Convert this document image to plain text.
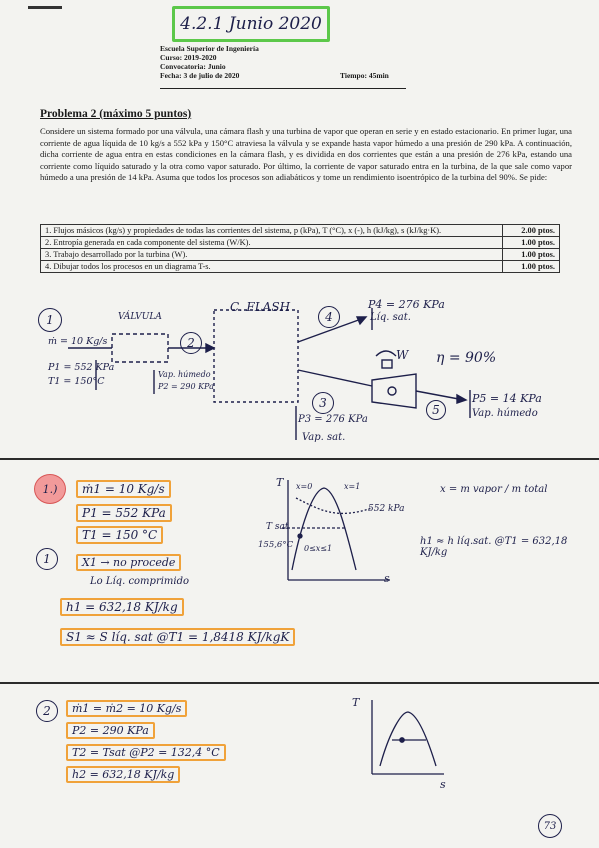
4.2.1 Junio 2020
Escuela Superior de Ingeniería
Curso: 2019-2020
Convocatoria: Junio
Fecha: 3 de julio de 2020	Tiempo: 45min
Problema 2 (máximo 5 puntos)
Considere un sistema formado por una válvula, una cámara flash y una turbina de vapor que operan en serie y en estado estacionario. En primer lugar, una corriente de agua líquida de 10 kg/s a 552 kPa y 150°C atraviesa la válvula y se expande hasta vapor húmedo a una presión de 290 kPa. A continuación, dicha corriente de agua entra en estas condiciones en la cámara flash, y es dividida en dos corrientes que están a una presión de 276 kPa, estando una corriente como líquido saturado y la otra como vapor saturado. Por último, la corriente de vapor saturado entra en la turbina, de la que sale como vapor húmedo a una presión de 14 kPa. Asuma que todos los procesos son adiabáticos y tome un rendimiento isoentrópico de la turbina del 90%. Se pide:
1. Flujos másicos (kg/s) y propiedades de todas las corrientes del sistema, p (kPa), T (°C), x (-), h (kJ/kg), s (kJ/kg·K).	2.00 ptos.
2. Entropía generada en cada componente del sistema (W/K).	1.00 ptos.
3. Trabajo desarrollado por la turbina (W).	1.00 ptos.
4. Dibujar todos los procesos en un diagrama T-s.	1.00 ptos.
1
2
4
3	5
VÁLVULA
C. FLASH
ṁ = 10 Kg/s
P1 = 552 KPa
T1 = 150°C
Vap. húmedo
P2 = 290 KPa
P4 = 276 KPa
Líq. sat.
W η = 90%
P5 = 14 KPa
Vap. húmedo
P3 = 276 KPa
Vap. sat.
1.)	ṁ1 = 10 Kg/s
P1 = 552 KPa
T1 = 150 °C
1	X1 → no procede
Lo Líq. comprimido
h1 = 632,18 KJ/kg
S1 ≈ S líq. sat @T1 = 1,8418 KJ/kgK
T x=0	x=1
552 kPa
T sat
155,6°C 0≤x≤1
s
x = m vapor / m total
h1 ≈ h líq.sat. @T1 = 632,18 KJ/kg
2	ṁ1 = ṁ2 = 10 Kg/s
P2 = 290 KPa
T2 = Tsat @P2 = 132,4 °C
h2 = 632,18 KJ/kg
T
s
73
